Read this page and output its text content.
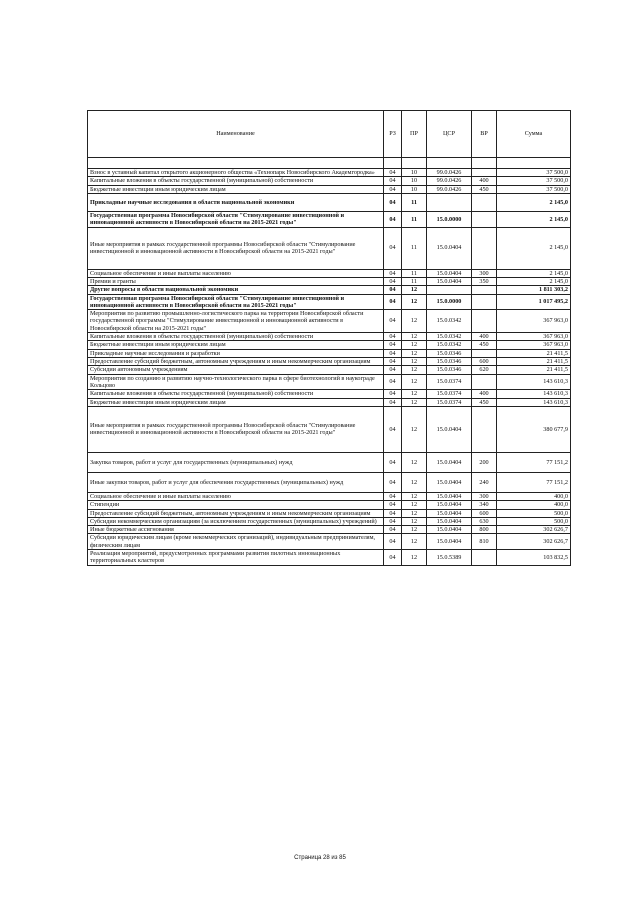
Наименование	РЗ	ПР	ЦСР	ВР	Сумма

Взнос в уставный капитал открытого акционерного общества «Технопарк Новосибирского Академгородка»	04	10	99.0.0426		37 500,0
Капитальные вложения в объекты государственной (муниципальной) собственности	04	10	99.0.0426	400	37 500,0
Бюджетные инвестиции иным юридическим лицам	04	10	99.0.0426	450	37 500,0
Прикладные научные исследования в области национальной экономики	04	11			2 145,0
Государственная программа Новосибирской области "Стимулирование инвестиционной и инновационной активности в Новосибирской области на 2015-2021 годы"	04	11	15.0.0000		2 145,0
Иные мероприятия в рамках государственной программы Новосибирской области "Стимулирование инвестиционной и инновационной активности в Новосибирской области на 2015-2021 годы"	04	11	15.0.0404		2 145,0
Социальное обеспечение и иные выплаты населению	04	11	15.0.0404	300	2 145,0
Премии и гранты	04	11	15.0.0404	350	2 145,0
Другие вопросы в области национальной экономики	04	12			1 811 303,2
Государственная программа Новосибирской области "Стимулирование инвестиционной и инновационной активности в Новосибирской области на 2015-2021 годы"	04	12	15.0.0000		1 017 495,2
Мероприятия по развитию промышленно-логистического парка на территории Новосибирской области государственной программы "Стимулирование инвестиционной и инновационной активности в Новосибирской области на 2015-2021 годы"	04	12	15.0.0342		367 963,0
Капитальные вложения в объекты государственной (муниципальной) собственности	04	12	15.0.0342	400	367 963,0
Бюджетные инвестиции иным юридическим лицам	04	12	15.0.0342	450	367 963,0
Прикладные научные исследования и разработки	04	12	15.0.0346		21 411,5
Предоставление субсидий бюджетным, автономным учреждениям и иным некоммерческим организациям	04	12	15.0.0346	600	21 411,5
Субсидии автономным учреждениям	04	12	15.0.0346	620	21 411,5
Мероприятия по созданию и развитию научно-технологического парка в сфере биотехнологий в наукограде Кольцово	04	12	15.0.0374		143 610,3
Капитальные вложения в объекты государственной (муниципальной) собственности	04	12	15.0.0374	400	143 610,3
Бюджетные инвестиции иным юридическим лицам	04	12	15.0.0374	450	143 610,3
Иные мероприятия в рамках государственной программы Новосибирской области "Стимулирование инвестиционной и инновационной активности в Новосибирской области на 2015-2021 годы"	04	12	15.0.0404		380 677,9
Закупка товаров, работ и услуг для государственных (муниципальных) нужд	04	12	15.0.0404	200	77 151,2
Иные закупки товаров, работ и услуг для обеспечения государственных (муниципальных) нужд	04	12	15.0.0404	240	77 151,2
Социальное обеспечение и иные выплаты населению	04	12	15.0.0404	300	400,0
Стипендии	04	12	15.0.0404	340	400,0
Предоставление субсидий бюджетным, автономным учреждениям и иным некоммерческим организациям	04	12	15.0.0404	600	500,0
Субсидии некоммерческим организациям (за исключением государственных (муниципальных) учреждений)	04	12	15.0.0404	630	500,0
Иные бюджетные ассигнования	04	12	15.0.0404	800	302 626,7
Субсидии юридическим лицам (кроме некоммерческих организаций), индивидуальным предпринимателям, физическим лицам	04	12	15.0.0404	810	302 626,7
Реализация мероприятий, предусмотренных программами развития пилотных инновационных территориальных кластеров	04	12	15.0.5389		103 832,5
Страница 28 из 85
